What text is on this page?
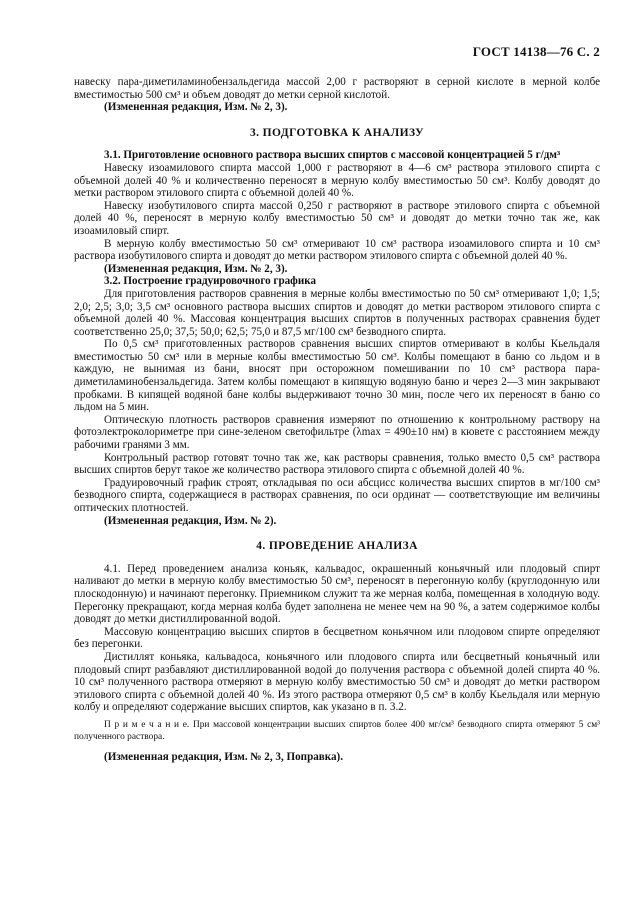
ГОСТ 14138—76 С. 2

навеску пара-диметиламинобензальдегида массой 2,00 г растворяют в серной кислоте в мерной колбе вместимостью 500 см³ и объем доводят до метки серной кислотой.

(Измененная редакция, Изм. № 2, 3).

3. ПОДГОТОВКА К АНАЛИЗУ

3.1. Приготовление основного раствора высших спиртов с массовой концентрацией 5 г/дм³

Навеску изоамилового спирта массой 1,000 г растворяют в 4—6 см³ раствора этилового спирта с объемной долей 40 % и количественно переносят в мерную колбу вместимостью 50 см³. Колбу доводят до метки раствором этилового спирта с объемной долей 40 %.

Навеску изобутилового спирта массой 0,250 г растворяют в растворе этилового спирта с объемной долей 40 %, переносят в мерную колбу вместимостью 50 см³ и доводят до метки точно так же, как изоамиловый спирт.

В мерную колбу вместимостью 50 см³ отмеривают 10 см³ раствора изоамилового спирта и 10 см³ раствора изобутилового спирта и доводят до метки раствором этилового спирта с объемной долей 40 %.

(Измененная редакция, Изм. № 2, 3).

3.2. Построение градуировочного графика

Для приготовления растворов сравнения в мерные колбы вместимостью по 50 см³ отмеривают 1,0; 1,5; 2,0; 2,5; 3,0; 3,5 см³ основного раствора высших спиртов и доводят до метки раствором этилового спирта с объемной долей 40 %. Массовая концентрация высших спиртов в полученных растворах сравнения будет соответственно 25,0; 37,5; 50,0; 62,5; 75,0 и 87,5 мг/100 см³ безводного спирта.

По 0,5 см³ приготовленных растворов сравнения высших спиртов отмеривают в колбы Кьельдаля вместимостью 50 см³ или в мерные колбы вместимостью 50 см³. Колбы помещают в баню со льдом и в каждую, не вынимая из бани, вносят при осторожном помешивании по 10 см³ раствора пара-диметиламинобензальдегида. Затем колбы помещают в кипящую водяную баню и через 2—3 мин закрывают пробками. В кипящей водяной бане колбы выдерживают точно 30 мин, после чего их переносят в баню со льдом на 5 мин.

Оптическую плотность растворов сравнения измеряют по отношению к контрольному раствору на фотоэлектроколориметре при сине-зеленом светофильтре (λmax = 490±10 нм) в кювете с расстоянием между рабочими гранями 3 мм.

Контрольный раствор готовят точно так же, как растворы сравнения, только вместо 0,5 см³ раствора высших спиртов берут такое же количество раствора этилового спирта с объемной долей 40 %.

Градуировочный график строят, откладывая по оси абсцисс количества высших спиртов в мг/100 см³ безводного спирта, содержащиеся в растворах сравнения, по оси ординат — соответствующие им величины оптических плотностей.

(Измененная редакция, Изм. № 2).

4. ПРОВЕДЕНИЕ АНАЛИЗА

4.1. Перед проведением анализа коньяк, кальвадос, окрашенный коньячный или плодовый спирт наливают до метки в мерную колбу вместимостью 50 см³, переносят в перегонную колбу (круглодонную или плоскодонную) и начинают перегонку. Приемником служит та же мерная колба, помещенная в холодную воду. Перегонку прекращают, когда мерная колба будет заполнена не менее чем на 90 %, а затем содержимое колбы доводят до метки дистиллированной водой.

Массовую концентрацию высших спиртов в бесцветном коньячном или плодовом спирте определяют без перегонки.

Дистиллят коньяка, кальвадоса, коньячного или плодового спирта или бесцветный коньячный или плодовый спирт разбавляют дистиллированной водой до получения раствора с объемной долей спирта 40 %. 10 см³ полученного раствора отмеряют в мерную колбу вместимостью 50 см³ и доводят до метки раствором этилового спирта с объемной долей 40 %. Из этого раствора отмеряют 0,5 см³ в колбу Кьельдаля или мерную колбу и определяют содержание высших спиртов, как указано в п. 3.2.

П р и м е ч а н и е. При массовой концентрации высших спиртов более 400 мг/см³ безводного спирта отмеряют 5 см³ полученного раствора.

(Измененная редакция, Изм. № 2, 3, Поправка).
